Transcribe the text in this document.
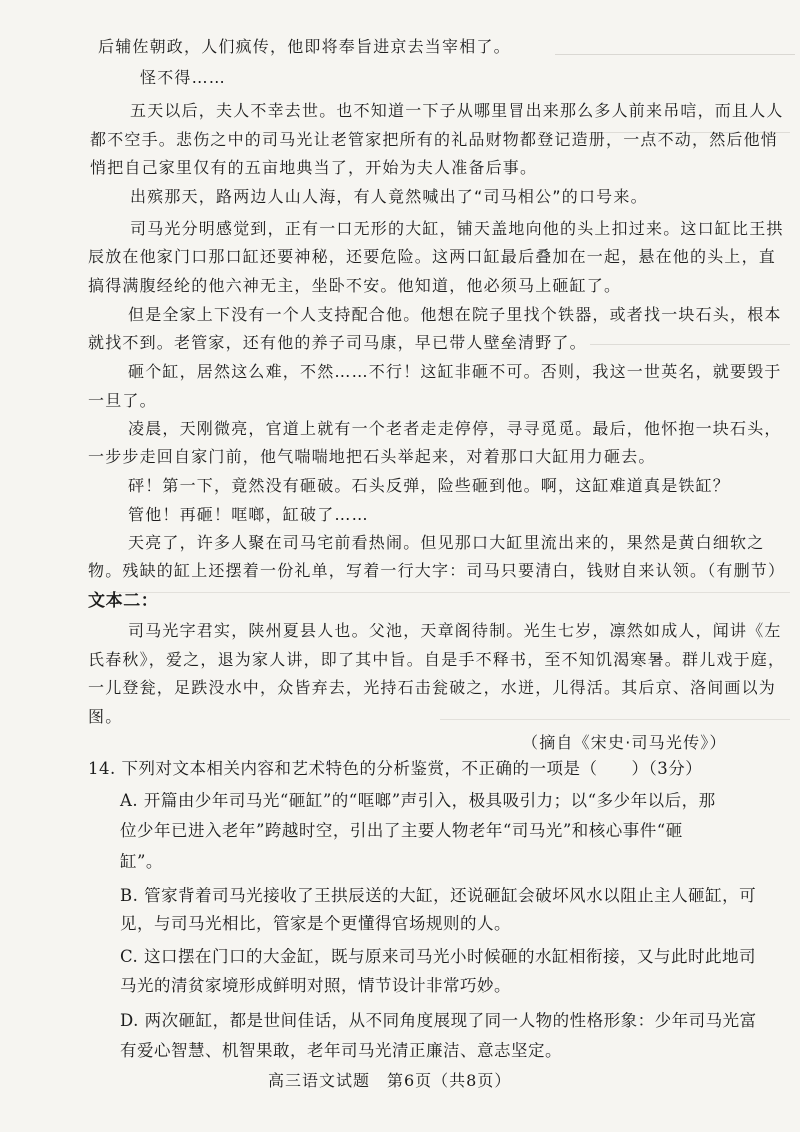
后辅佐朝政，人们疯传，他即将奉旨进京去当宰相了。
怪不得……
五天以后，夫人不幸去世。也不知道一下子从哪里冒出来那么多人前来吊唁，而且人人
都不空手。悲伤之中的司马光让老管家把所有的礼品财物都登记造册，一点不动，然后他悄
悄把自己家里仅有的五亩地典当了，开始为夫人准备后事。
出殡那天，路两边人山人海，有人竟然喊出了“司马相公”的口号来。
司马光分明感觉到，正有一口无形的大缸，铺天盖地向他的头上扣过来。这口缸比王拱
辰放在他家门口那口缸还要神秘，还要危险。这两口缸最后叠加在一起，悬在他的头上，直
搞得满腹经纶的他六神无主，坐卧不安。他知道，他必须马上砸缸了。
但是全家上下没有一个人支持配合他。他想在院子里找个铁器，或者找一块石头，根本
就找不到。老管家，还有他的养子司马康，早已带人壁垒清野了。
砸个缸，居然这么难，不然……不行！这缸非砸不可。否则，我这一世英名，就要毁于
一旦了。
凌晨，天刚微亮，官道上就有一个老者走走停停，寻寻觅觅。最后，他怀抱一块石头，
一步步走回自家门前，他气喘喘地把石头举起来，对着那口大缸用力砸去。
砰！第一下，竟然没有砸破。石头反弹，险些砸到他。啊，这缸难道真是铁缸？
管他！再砸！哐啷，缸破了……
天亮了，许多人聚在司马宅前看热闹。但见那口大缸里流出来的，果然是黄白细软之
物。残缺的缸上还摆着一份礼单，写着一行大字：司马只要清白，钱财自来认领。（有删节）
文本二：
司马光字君实，陕州夏县人也。父池，天章阁待制。光生七岁，凛然如成人，闻讲《左
氏春秋》，爱之，退为家人讲，即了其中旨。自是手不释书，至不知饥渴寒暑。群儿戏于庭，
一儿登瓮，足跌没水中，众皆弃去，光持石击瓮破之，水迸，儿得活。其后京、洛间画以为
图。
（摘自《宋史·司马光传》）
14. 下列对文本相关内容和艺术特色的分析鉴赏，不正确的一项是（　　）（3分）
A. 开篇由少年司马光“砸缸”的“哐啷”声引入，极具吸引力；以“多少年以后，那
位少年已进入老年”跨越时空，引出了主要人物老年“司马光”和核心事件“砸
缸”。
B. 管家背着司马光接收了王拱辰送的大缸，还说砸缸会破坏风水以阻止主人砸缸，可
见，与司马光相比，管家是个更懂得官场规则的人。
C. 这口摆在门口的大金缸，既与原来司马光小时候砸的水缸相衔接，又与此时此地司
马光的清贫家境形成鲜明对照，情节设计非常巧妙。
D. 两次砸缸，都是世间佳话，从不同角度展现了同一人物的性格形象：少年司马光富
有爱心智慧、机智果敢，老年司马光清正廉洁、意志坚定。
高三语文试题　第6页（共8页）
